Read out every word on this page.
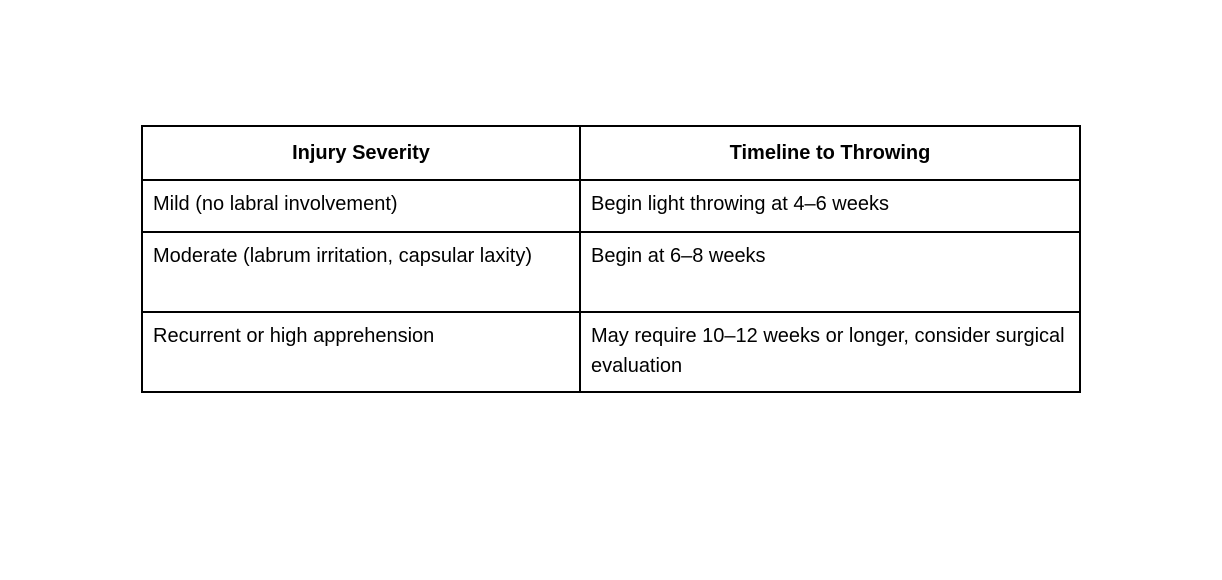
Injury Severity	Timeline to Throwing

Mild (no labral involvement)	Begin light throwing at 4–6 weeks

Moderate (labrum irritation, capsular laxity)	Begin at 6–8 weeks

Recurrent or high apprehension	May require 10–12 weeks or longer, consider surgical evaluation
